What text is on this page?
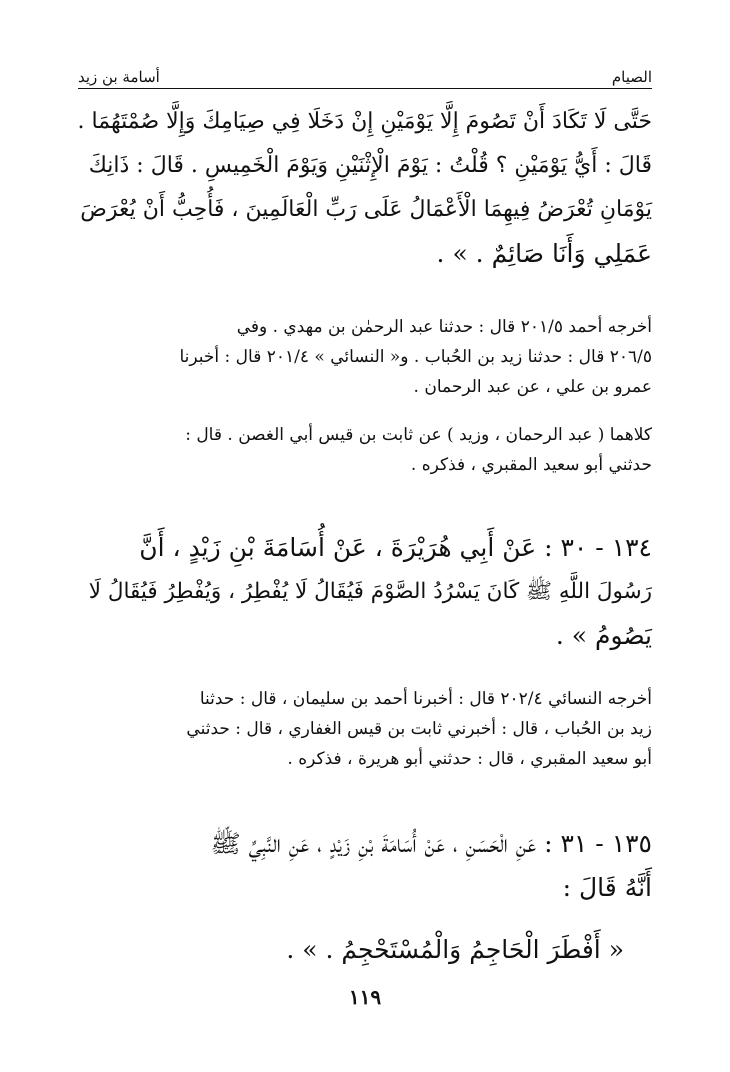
الصيام
أسامة بن زيد
حَتَّى لَا تَكَادَ أَنْ تَصُومَ إِلَّا يَوْمَيْنِ إِنْ دَخَلَا فِي صِيَامِكَ وَإِلَّا صُمْتَهُمَا .
قَالَ : أَيُّ يَوْمَيْنِ ؟ قُلْتُ : يَوْمَ الْإِثْنَيْنِ وَيَوْمَ الْخَمِيسِ . قَالَ : ذَانِكَ
يَوْمَانِ تُعْرَضُ فِيهِمَا الْأَعْمَالُ عَلَى رَبِّ الْعَالَمِينَ ، فَأُحِبُّ أَنْ يُعْرَضَ
عَمَلِي وَأَنَا صَائِمٌ . » .
أخرجه أحمد ٢٠١/٥ قال : حدثنا عبد الرحمٰن بن مهدي . وفي
٢٠٦/٥ قال : حدثنا زيد بن الحُباب . و« النسائي » ٢٠١/٤ قال : أخبرنا
عمرو بن علي ، عن عبد الرحمان .
كلاهما ( عبد الرحمان ، وزيد ) عن ثابت بن قيس أبي الغصن . قال :
حدثني أبو سعيد المقبري ، فذكره .
١٣٤ - ٣٠ : عَنْ أَبِي هُرَيْرَةَ ، عَنْ أُسَامَةَ بْنِ زَيْدٍ ، أَنَّ
رَسُولَ اللَّهِ ﷺ كَانَ يَسْرُدُ الصَّوْمَ فَيُقَالُ لَا يُفْطِرُ ، وَيُفْطِرُ فَيُقَالُ لَا
يَصُومُ » .
أخرجه النسائي ٢٠٢/٤ قال : أخبرنا أحمد بن سليمان ، قال : حدثنا
زيد بن الحُباب ، قال : أخبرني ثابت بن قيس الغفاري ، قال : حدثني
أبو سعيد المقبري ، قال : حدثني أبو هريرة ، فذكره .
١٣٥ - ٣١ : عَنِ الْحَسَنِ ، عَنْ أُسَامَةَ بْنِ زَيْدٍ ، عَنِ النَّبِيِّ ﷺ
أَنَّهُ قَالَ :
« أَفْطَرَ الْحَاجِمُ وَالْمُسْتَحْجِمُ . » .
١١٩
